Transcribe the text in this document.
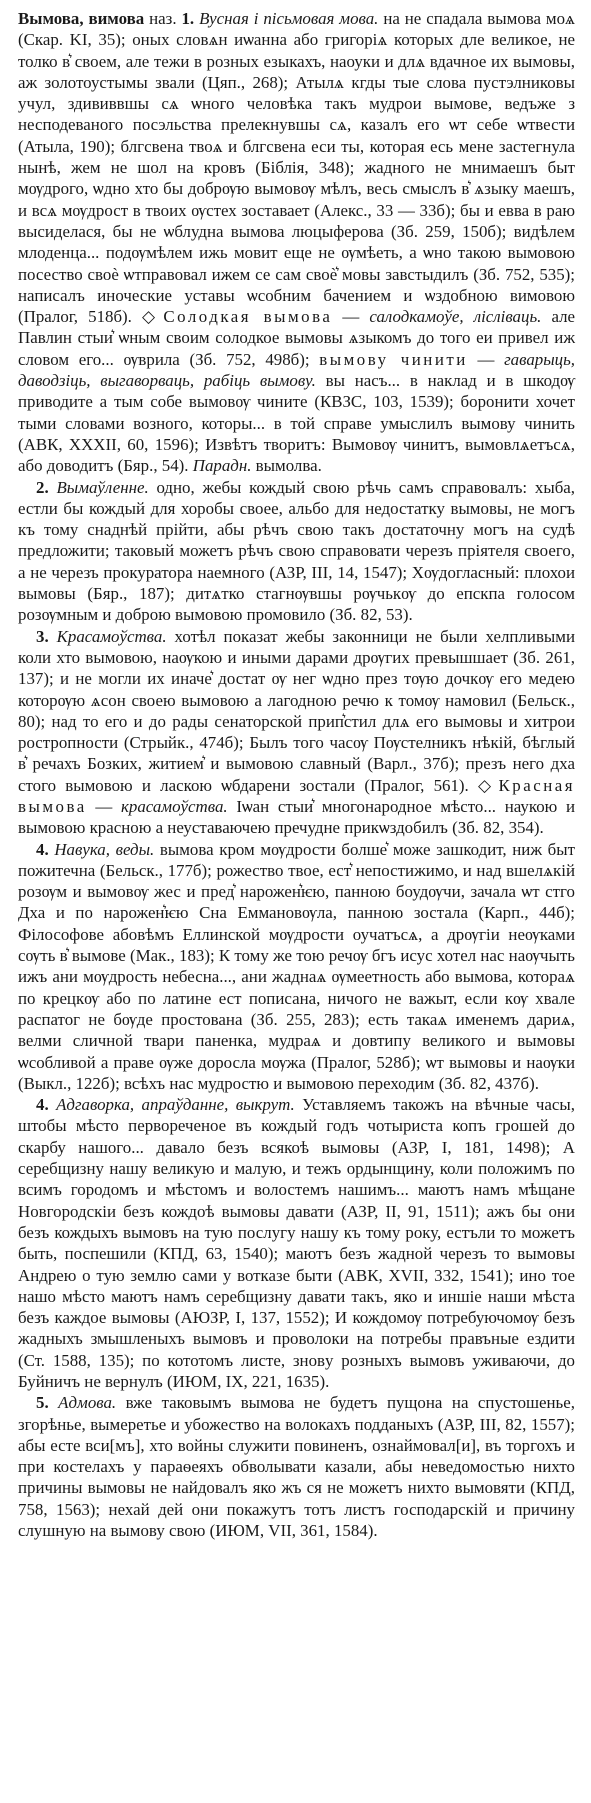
Вымова, вимова наз. 1. Вусная і пісьмовая мова. на не спадала вымова моѧ (Скар. KI, 35); оных словѧн иѡанна або григоріѧ которых дле великое, не толко в͛ своем, але тежи в розных езыкахъ, наоуки и длѧ вдачное их вымовы, аж золотоустымы звали (Цяп., 268); Атылѧ кгды тые слова пустэлниковы учул, здививвшы сѧ ѡного человѣка такъ мудрои вымове, ведъже з несподеваного посэльства прелекнувшы сѧ, казалъ его ѡт себе ѡтвести (Атыла, 190); блгсвена твоѧ и блгсвена еси ты, которая есь мене застегнула нынѣ, жем не шол на кровъ (Біблія, 348); жадного не мнимаешъ быт мѹдрого, ѡдно хто бы добрѹю вымовѹ мѣлъ, весь смыслъ в͛ ѧзыку маешъ, и всѧ мѹдрост в твоих ѹстех зоставает (Алекс., 33 — 33б); бы и евва в раю высиделася, бы не ѡблудна вымова люцыферова (Зб. 259, 150б); видѣлем млоденца... подѹмѣлем ижь мовит еще не ѹмѣеть, а ѡно такою вымовою посество своѐ ѡтправовал ижем се сам своѐ͛ мовы завстыдилъ (Зб. 752, 535); написалъ иноческие уставы ѡсобним бачением и ѡздобною вимовою (Пралог, 518б). ◇Солодкая вымова — салодкамоўе, лісліваць. але Павлин стыи͛ ѡным своим солодкое вымовы ѧзыкомъ до того еи привел иж словом его... ѹврила (Зб. 752, 498б); вымову чинити — гаварыць, даводзіць, выгаворваць, рабіць вымову. вы насъ... в наклад и в шкодѹ приводите а тым собе вымовѹ чините (КВЗС, 103, 1539); боронити хочет тыми словами возного, которы... в той справе умыслилъ вымову чинить (АВК, XXXII, 60, 1596); Извѣтъ творитъ: Вымовѹ чинитъ, вымовлѧетъсѧ, або доводитъ (Бяр., 54). Парадн. вымолва.

2. Вымаўленне. одно, жебы кождый свою рѣчь самъ справовалъ: хыба, естли бы кождый для хоробы своее, альбо для недостатку вымовы, не могъ къ тому снаднѣй прійти, абы рѣчъ свою такъ достаточну могъ на судѣ предложити; таковый можетъ рѣчъ свою справовати черезъ пріятеля своего, а не черезъ прокуратора наемного (АЗР, III, 14, 1547); Хѹдогласный: плохои вымовы (Бяр., 187); дитѧтко стагнѹвшы рѹчькѹ до епскпа голосом розѹмным и доброю вымовою промовило (Зб. 82, 53).

3. Красамоўства. хотѣл показат жебы законници не были хелпливыми коли хто вымовою, наѹкою и иными дарами дрѹгих превышшает (Зб. 261, 137); и не могли их иначе͛ достат ѹ нег ѡдно през тѹю дочкѹ его медею которѹю ѧсон своею вымовою а лагодною речю к томѹ намовил (Бельск., 80); над то его и до рады сенаторской прип͛стил длѧ его вымовы и хитрои ростропности (Стрыйк., 474б); Былъ того часѹ Пѹстелникъ нѣкій, бѣглый в͛ речахъ Бозких, житием͛ и вымовою славный (Варл., 37б); презъ него дха стого вымовою и ласкою ѡбдарени зостали (Пралог, 561). ◇Красная вымова — красамоўства. Іѡан стыи͛ многонародное мѣсто... наукою и вымовою красною а неуставаючею пречудне прикѡздобилъ (Зб. 82, 354).

4. Навука, веды. вымова кром мѹдрости болше͛ може зашкодит, ниж быт пожитечна (Бельск., 177б); рожество твое, ест͛ непостижимо, и над вшелѧкій розѹм и вымовѹ жес и пред͛ нарожен͛ѥю, панною боудѹчи, зачала ѡт стго Дха и по нарожен͛ѥю Сна Еммановѹла, панною зостала (Карп., 44б); Філософове абовѣмъ Еллинской мѹдрости оучатъсѧ, а дрѹгіи неѹками сѹть в͛ вымове (Мак., 183); К тому же тою речѹ бгъ исус хотел нас наѹчыть ижъ ани мѹдрость небесна..., ани жаднаѧ ѹмеетность або вымова, котораѧ по крецкѹ або по латине ест пописана, ничого не важыт, если кѹ хвале распатог не бѹде простована (Зб. 255, 283); есть такаѧ именемъ дариѧ, велми сличной твари паненка, мудраѧ и довтипу великого и вымовы ѡсобливой а праве ѹже доросла мѹжа (Пралог, 528б); ѡт вымовы и наѹки (Выкл., 122б); всѣхъ нас мудростю и вымовою переходим (Зб. 82, 437б).

4. Адгаворка, апраўданне, выкрут. Уставляемъ такожъ на вѣчные часы, штобы мѣсто первореченое въ кождый годъ чотыриста копъ грошей до скарбу нашого... давало безъ всякоѣ вымовы (АЗР, I, 181, 1498); А серебщизну нашу великую и малую, и тежъ ордынщину, коли положимъ по всимъ городомъ и мѣстомъ и волостемъ нашимъ... маютъ намъ мѣщане Новгородскіи безъ кождоѣ вымовы давати (АЗР, II, 91, 1511); ажъ бы они безъ кождыхъ вымовъ на тую послугу нашу къ тому року, естъли то можетъ быть, поспешили (КПД, 63, 1540); маютъ безъ жадной черезъ то вымовы Андрею о тую землю сами у вотказе быти (АВК, XVII, 332, 1541); ино тое нашо мѣсто маютъ намъ серебщизну давати такъ, яко и иншіе наши мѣста безъ каждое вымовы (АЮЗР, I, 137, 1552); И кождомѹ потребуючомѹ безъ жадныхъ змышленыхъ вымовъ и проволоки на потребы правъные ездити (Ст. 1588, 135); по кототомъ листе, зновy розныхъ вымовъ уживаючи, до Буйничъ не вернулъ (ИЮМ, IX, 221, 1635).

5. Адмова. вже таковымъ вымова не будетъ пущона на спустошенье, згорѣнье, вымеретье и убожество на волокахъ подданыхъ (АЗР, III, 82, 1557); абы есте вси[мъ], хто войны служити повиненъ, ознаймовал[и], въ торгохъ и при костелахъ у параѳеяхъ обволывати казали, абы неведомостью нихто причины вымовы не найдовалъ яко жъ ся не можетъ нихто вымовяти (КПД, 758, 1563); нехай дей они покажутъ тотъ листъ господарскій и причину слушную на вымову свою (ИЮМ, VII, 361, 1584).
